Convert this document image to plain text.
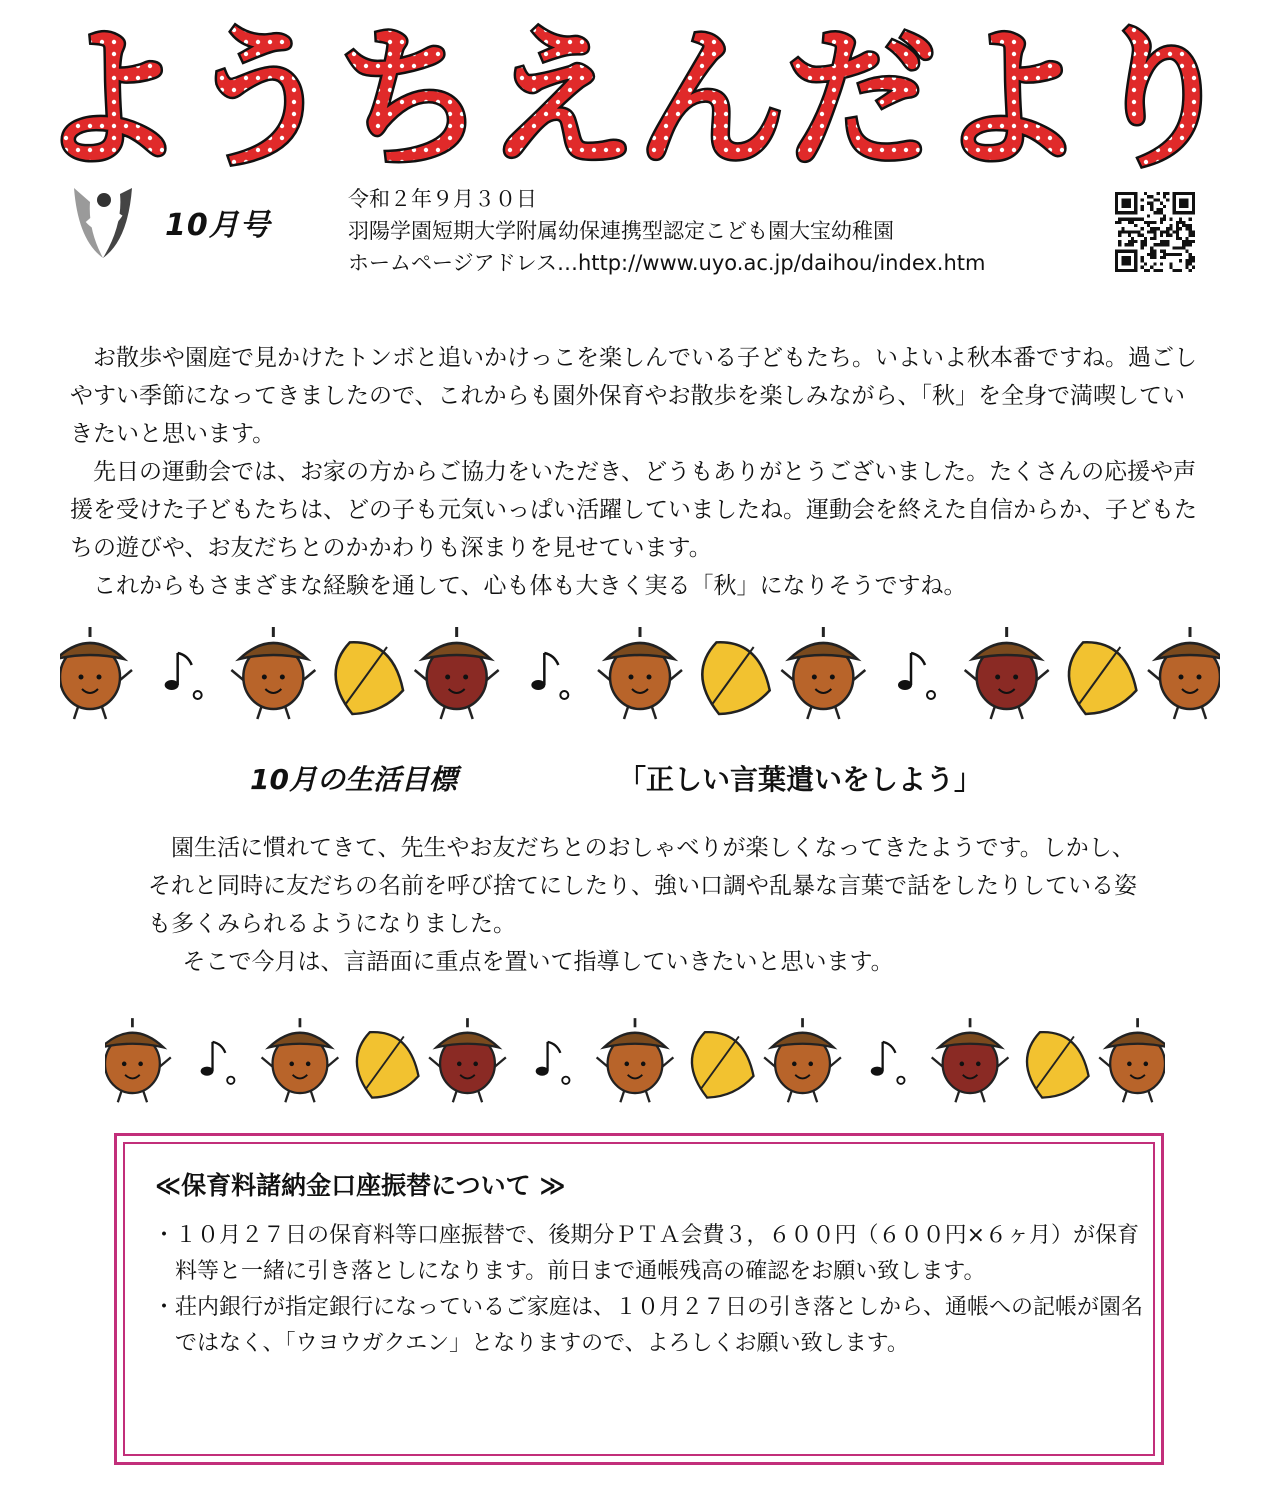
ようちえんだより
10月号
令和２年９月３０日
羽陽学園短期大学附属幼保連携型認定こども園大宝幼稚園
ホームページアドレス…http://www.uyo.ac.jp/daihou/index.htm

お散歩や園庭で見かけたトンボと追いかけっこを楽しんでいる子どもたち。いよいよ秋本番ですね。過ごしやすい季節になってきましたので、これからも園外保育やお散歩を楽しみながら、「秋」を全身で満喫していきたいと思います。

先日の運動会では、お家の方からご協力をいただき、どうもありがとうございました。たくさんの応援や声援を受けた子どもたちは、どの子も元気いっぱい活躍していましたね。運動会を終えた自信からか、子どもたちの遊びや、お友だちとのかかわりも深まりを見せています。

これからもさまざまな経験を通して、心も体も大きく実る「秋」になりそうですね。

10月の生活目標	「正しい言葉遣いをしよう」

園生活に慣れてきて、先生やお友だちとのおしゃべりが楽しくなってきたようです。しかし、それと同時に友だちの名前を呼び捨てにしたり、強い口調や乱暴な言葉で話をしたりしている姿も多くみられるようになりました。

そこで今月は、言語面に重点を置いて指導していきたいと思います。

≪保育料諸納金口座振替について ≫
・ １０月２７日の保育料等口座振替で、後期分ＰＴＡ会費３，６００円（６００円×６ヶ月）が保育料等と一緒に引き落としになります。前日まで通帳残高の確認をお願い致します。
・ 荘内銀行が指定銀行になっているご家庭は、１０月２７日の引き落としから、通帳への記帳が園名ではなく、「ウヨウガクエン」となりますので、よろしくお願い致します。
